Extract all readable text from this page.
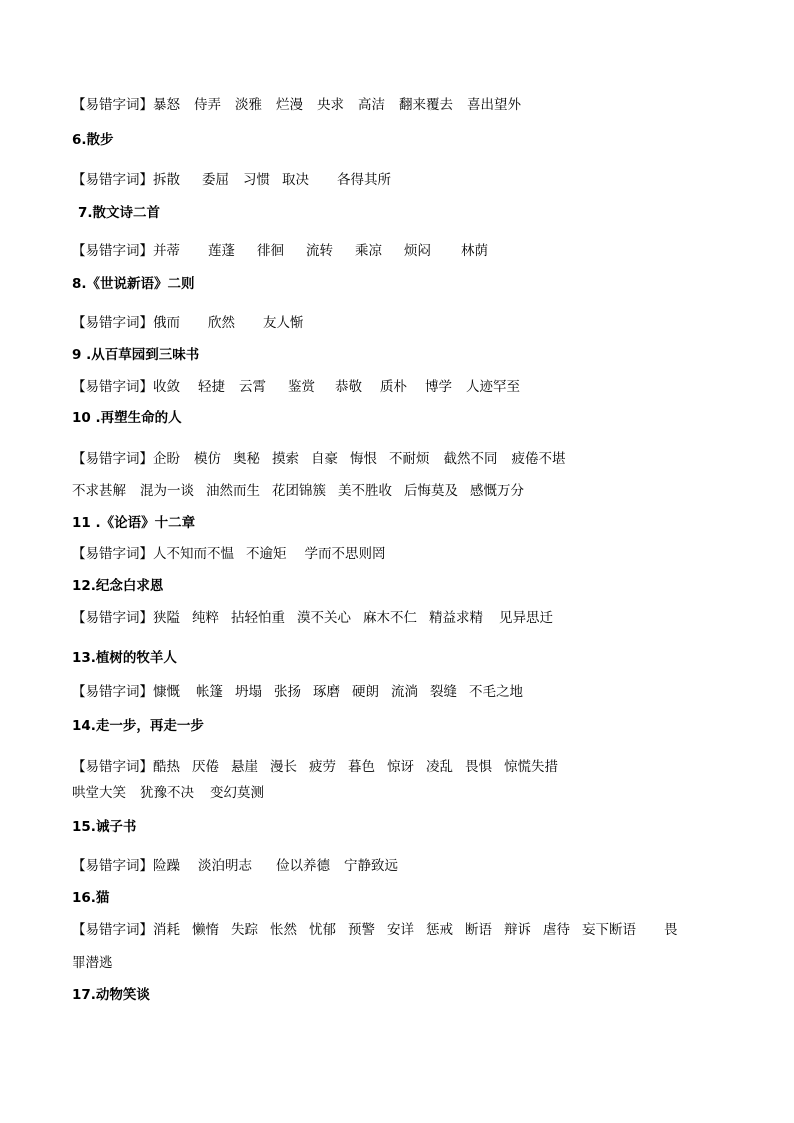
【易错字词】暴怒 侍弄 淡雅 烂漫 央求 高洁 翻来覆去 喜出望外
6.散步
【易错字词】拆散 委屈 习惯 取决 各得其所
7.散文诗二首
【易错字词】并蒂 莲蓬 徘徊 流转 乘凉 烦闷 林荫
8.《世说新语》二则
【易错字词】俄而 欣然 友人惭
9 .从百草园到三味书
【易错字词】收敛 轻捷 云霄 鉴赏 恭敬 质朴 博学 人迹罕至
10 .再塑生命的人
【易错字词】企盼 模仿 奥秘 摸索 自豪 悔恨 不耐烦 截然不同 疲倦不堪
不求甚解 混为一谈 油然而生 花团锦簇 美不胜收 后悔莫及 感慨万分
11 .《论语》十二章
【易错字词】人不知而不愠 不逾矩 学而不思则罔
12.纪念白求恩
【易错字词】狭隘 纯粹 拈轻怕重 漠不关心 麻木不仁 精益求精 见异思迁
13.植树的牧羊人
【易错字词】慷慨 帐篷 坍塌 张扬 琢磨 硬朗 流淌 裂缝 不毛之地
14.走一步，再走一步
【易错字词】酷热 厌倦 悬崖 漫长 疲劳 暮色 惊讶 凌乱 畏惧 惊慌失措
哄堂大笑 犹豫不决 变幻莫测
15.诫子书
【易错字词】险躁 淡泊明志 俭以养德 宁静致远
16.猫
【易错字词】消耗 懒惰 失踪 怅然 忧郁 预警 安详 惩戒 断语 辩诉 虐待 妄下断语 畏
罪潜逃
17.动物笑谈
